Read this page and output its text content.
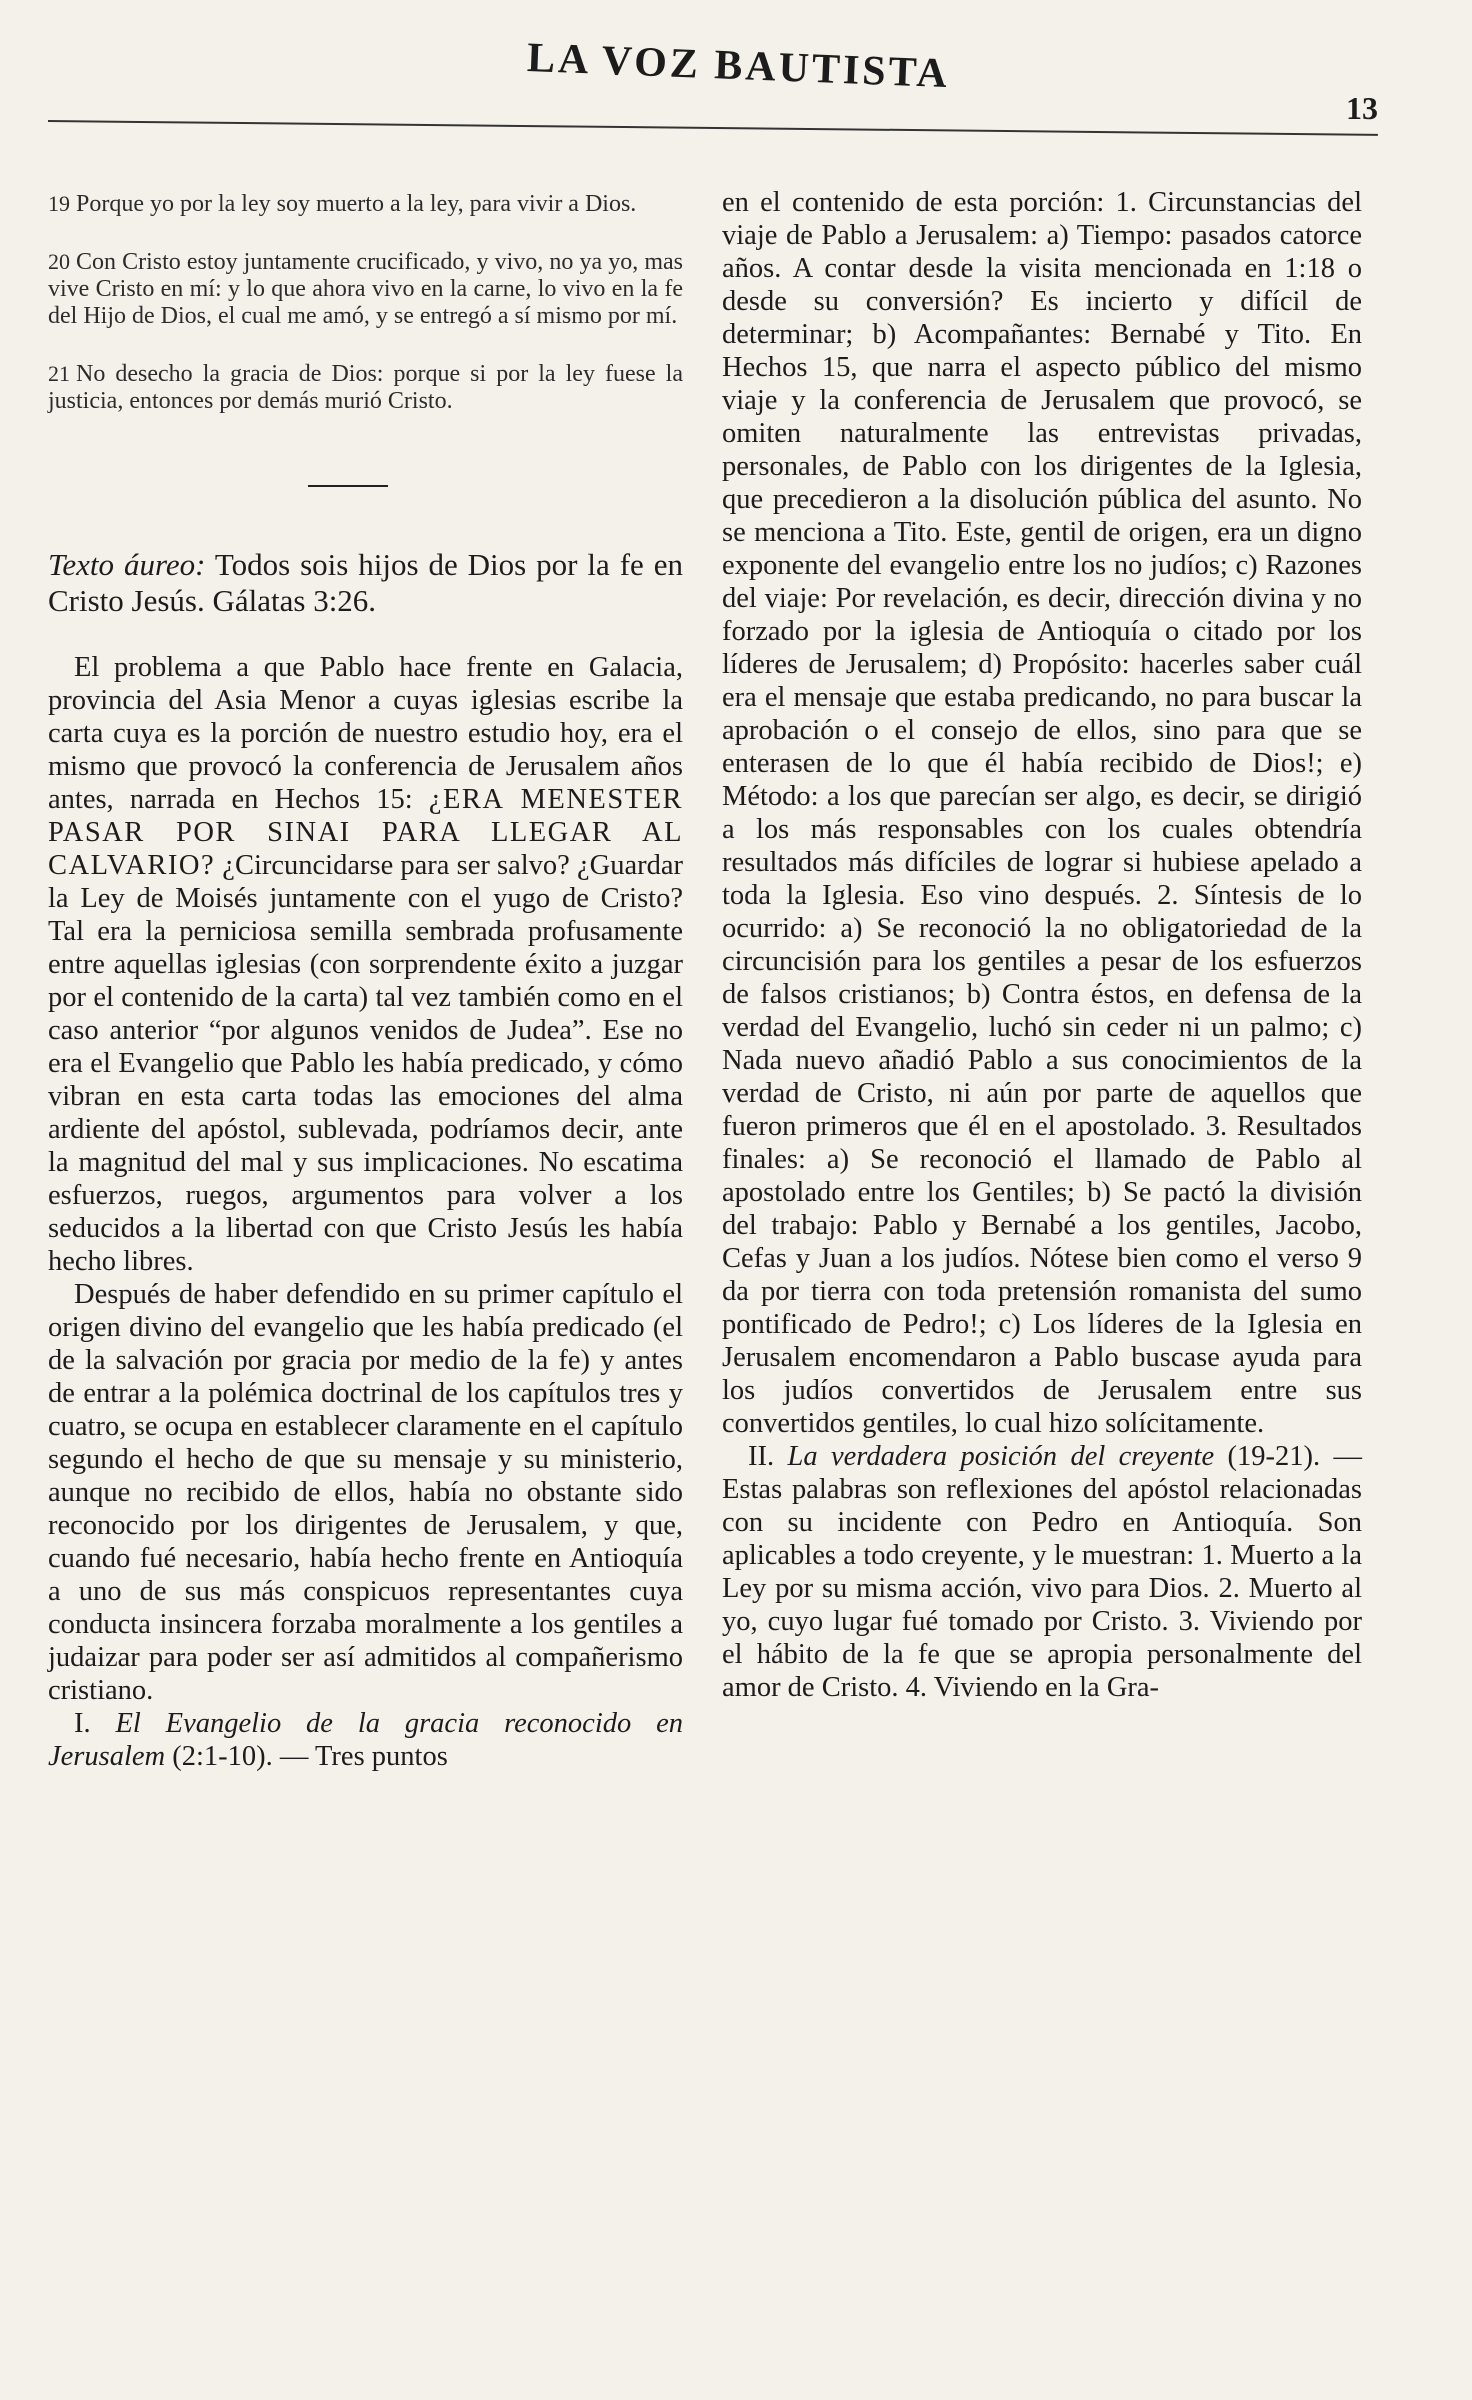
LA VOZ BAUTISTA
13
19 Porque yo por la ley soy muerto a la ley, para vivir a Dios.
20 Con Cristo estoy juntamente crucificado, y vivo, no ya yo, mas vive Cristo en mí: y lo que ahora vivo en la carne, lo vivo en la fe del Hijo de Dios, el cual me amó, y se entregó a sí mismo por mí.
21 No desecho la gracia de Dios: porque si por la ley fuese la justicia, entonces por demás murió Cristo.
Texto áureo: Todos sois hijos de Dios por la fe en Cristo Jesús. Gálatas 3:26.

El problema a que Pablo hace frente en Galacia, provincia del Asia Menor a cuyas iglesias escribe la carta cuya es la porción de nuestro estudio hoy, era el mismo que provocó la conferencia de Jerusalem años antes, narrada en Hechos 15: ¿ERA MENESTER PASAR POR SINAI PARA LLEGAR AL CALVARIO? ¿Circuncidarse para ser salvo? ¿Guardar la Ley de Moisés juntamente con el yugo de Cristo? Tal era la perniciosa semilla sembrada profusamente entre aquellas iglesias (con sorprendente éxito a juzgar por el contenido de la carta) tal vez también como en el caso anterior “por algunos venidos de Judea”. Ese no era el Evangelio que Pablo les había predicado, y cómo vibran en esta carta todas las emociones del alma ardiente del apóstol, sublevada, podríamos decir, ante la magnitud del mal y sus implicaciones. No escatima esfuerzos, ruegos, argumentos para volver a los seducidos a la libertad con que Cristo Jesús les había hecho libres.

Después de haber defendido en su primer capítulo el origen divino del evangelio que les había predicado (el de la salvación por gracia por medio de la fe) y antes de entrar a la polémica doctrinal de los capítulos tres y cuatro, se ocupa en establecer claramente en el capítulo segundo el hecho de que su mensaje y su ministerio, aunque no recibido de ellos, había no obstante sido reconocido por los dirigentes de Jerusalem, y que, cuando fué necesario, había hecho frente en Antioquía a uno de sus más conspicuos representantes cuya conducta insincera forzaba moralmente a los gentiles a judaizar para poder ser así admitidos al compañerismo cristiano.

I. El Evangelio de la gracia reconocido en Jerusalem (2:1-10). — Tres puntos

en el contenido de esta porción: 1. Circunstancias del viaje de Pablo a Jerusalem: a) Tiempo: pasados catorce años. A contar desde la visita mencionada en 1:18 o desde su conversión? Es incierto y difícil de determinar; b) Acompañantes: Bernabé y Tito. En Hechos 15, que narra el aspecto público del mismo viaje y la conferencia de Jerusalem que provocó, se omiten naturalmente las entrevistas privadas, personales, de Pablo con los dirigentes de la Iglesia, que precedieron a la disolución pública del asunto. No se menciona a Tito. Este, gentil de origen, era un digno exponente del evangelio entre los no judíos; c) Razones del viaje: Por revelación, es decir, dirección divina y no forzado por la iglesia de Antioquía o citado por los líderes de Jerusalem; d) Propósito: hacerles saber cuál era el mensaje que estaba predicando, no para buscar la aprobación o el consejo de ellos, sino para que se enterasen de lo que él había recibido de Dios!; e) Método: a los que parecían ser algo, es decir, se dirigió a los más responsables con los cuales obtendría resultados más difíciles de lograr si hubiese apelado a toda la Iglesia. Eso vino después. 2. Síntesis de lo ocurrido: a) Se reconoció la no obligatoriedad de la circuncisión para los gentiles a pesar de los esfuerzos de falsos cristianos; b) Contra éstos, en defensa de la verdad del Evangelio, luchó sin ceder ni un palmo; c) Nada nuevo añadió Pablo a sus conocimientos de la verdad de Cristo, ni aún por parte de aquellos que fueron primeros que él en el apostolado. 3. Resultados finales: a) Se reconoció el llamado de Pablo al apostolado entre los Gentiles; b) Se pactó la división del trabajo: Pablo y Bernabé a los gentiles, Jacobo, Cefas y Juan a los judíos. Nótese bien como el verso 9 da por tierra con toda pretensión romanista del sumo pontificado de Pedro!; c) Los líderes de la Iglesia en Jerusalem encomendaron a Pablo buscase ayuda para los judíos convertidos de Jerusalem entre sus convertidos gentiles, lo cual hizo solícitamente.

II. La verdadera posición del creyente (19-21). — Estas palabras son reflexiones del apóstol relacionadas con su incidente con Pedro en Antioquía. Son aplicables a todo creyente, y le muestran: 1. Muerto a la Ley por su misma acción, vivo para Dios. 2. Muerto al yo, cuyo lugar fué tomado por Cristo. 3. Viviendo por el hábito de la fe que se apropia personalmente del amor de Cristo. 4. Viviendo en la Gra-
